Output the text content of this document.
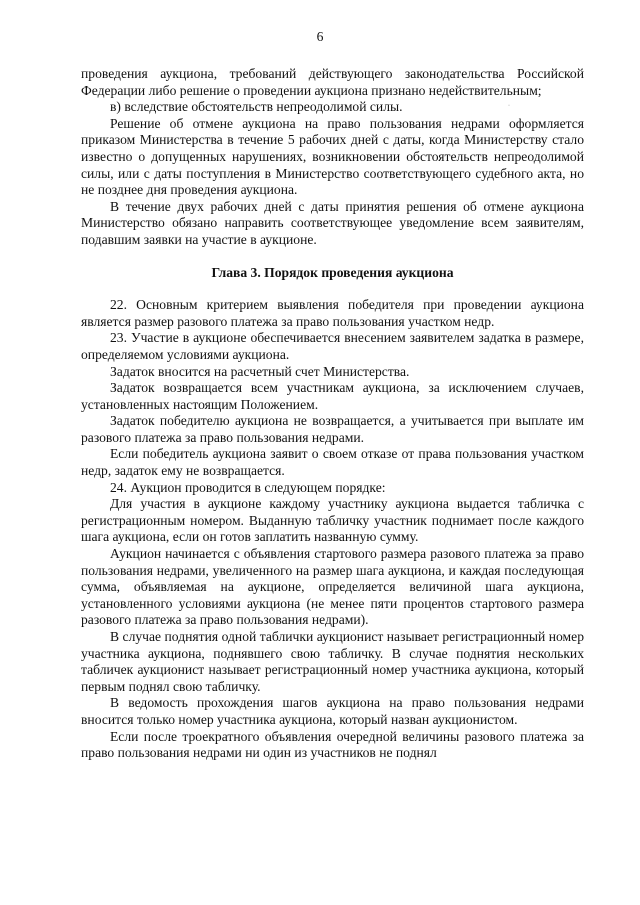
6
·

проведения аукциона, требований действующего законодательства Российской Федерации либо решение о проведении аукциона признано недействительным;

в) вследствие обстоятельств непреодолимой силы.

Решение об отмене аукциона на право пользования недрами оформляется приказом Министерства в течение 5 рабочих дней с даты, когда Министерству стало известно о допущенных нарушениях, возникновении обстоятельств непреодолимой силы, или с даты поступления в Министерство соответствующего судебного акта, но не позднее дня проведения аукциона.

В течение двух рабочих дней с даты принятия решения об отмене аукциона Министерство обязано направить соответствующее уведомление всем заявителям, подавшим заявки на участие в аукционе.

Глава 3. Порядок проведения аукциона

22. Основным критерием выявления победителя при проведении аукциона является размер разового платежа за право пользования участком недр.

23. Участие в аукционе обеспечивается внесением заявителем задатка в размере, определяемом условиями аукциона.

Задаток вносится на расчетный счет Министерства.

Задаток возвращается всем участникам аукциона, за исключением случаев, установленных настоящим Положением.

Задаток победителю аукциона не возвращается, а учитывается при выплате им разового платежа за право пользования недрами.

Если победитель аукциона заявит о своем отказе от права пользования участком недр, задаток ему не возвращается.

24. Аукцион проводится в следующем порядке:

Для участия в аукционе каждому участнику аукциона выдается табличка с регистрационным номером. Выданную табличку участник поднимает после каждого шага аукциона, если он готов заплатить названную сумму.

Аукцион начинается с объявления стартового размера разового платежа за право пользования недрами, увеличенного на размер шага аукциона, и каждая последующая сумма, объявляемая на аукционе, определяется величиной шага аукциона, установленного условиями аукциона (не менее пяти процентов стартового размера разового платежа за право пользования недрами).

В случае поднятия одной таблички аукционист называет регистрационный номер участника аукциона, поднявшего свою табличку. В случае поднятия нескольких табличек аукционист называет регистрационный номер участника аукциона, который первым поднял свою табличку.

В ведомость прохождения шагов аукциона на право пользования недрами вносится только номер участника аукциона, который назван аукционистом.

Если после троекратного объявления очередной величины разового платежа за право пользования недрами ни один из участников не поднял
